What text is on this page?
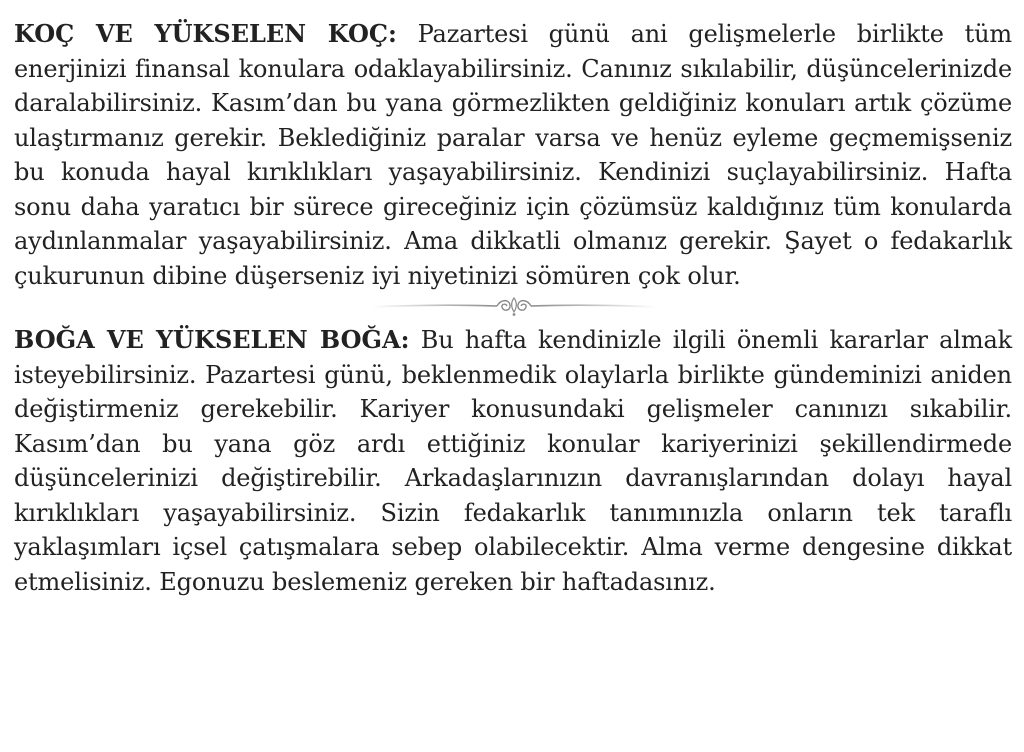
KOÇ VE YÜKSELEN KOÇ: Pazartesi günü ani gelişmelerle birlikte tüm enerjinizi finansal konulara odaklayabilirsiniz. Canınız sıkılabilir, düşüncelerinizde daralabilirsiniz. Kasım’dan bu yana görmezlikten geldiğiniz konuları artık çözüme ulaştırmanız gerekir. Beklediğiniz paralar varsa ve henüz eyleme geçmemişseniz bu konuda hayal kırıklıkları yaşayabilirsiniz. Kendinizi suçlayabilirsiniz. Hafta sonu daha yaratıcı bir sürece gireceğiniz için çözümsüz kaldığınız tüm konularda aydınlanmalar yaşayabilirsiniz. Ama dikkatli olmanız gerekir. Şayet o fedakarlık çukurunun dibine düşerseniz iyi niyetinizi sömüren çok olur.

BOĞA VE YÜKSELEN BOĞA: Bu hafta kendinizle ilgili önemli kararlar almak isteyebilirsiniz. Pazartesi günü, beklenmedik olaylarla birlikte gündeminizi aniden değiştirmeniz gerekebilir. Kariyer konusundaki gelişmeler canınızı sıkabilir. Kasım’dan bu yana göz ardı ettiğiniz konular kariyerinizi şekillendirmede düşüncelerinizi değiştirebilir. Arkadaşlarınızın davranışlarından dolayı hayal kırıklıkları yaşayabilirsiniz. Sizin fedakarlık tanımınızla onların tek taraflı yaklaşımları içsel çatışmalara sebep olabilecektir. Alma verme dengesine dikkat etmelisiniz. Egonuzu beslemeniz gereken bir haftadasınız.
